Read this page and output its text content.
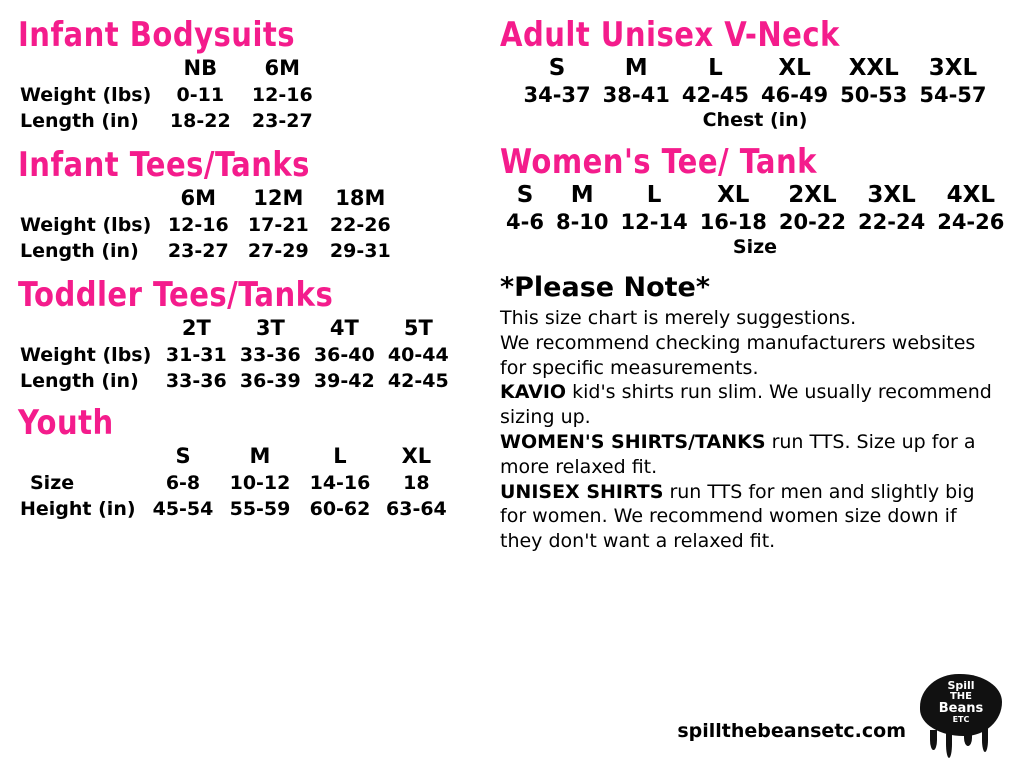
Infant Bodysuits
	NB	6M
Weight (lbs)	0-11	12-16
Length (in)	18-22	23-27
Infant Tees/Tanks
	6M	12M	18M
Weight (lbs)	12-16	17-21	22-26
Length (in)	23-27	27-29	29-31
Toddler Tees/Tanks
	2T	3T	4T	5T
Weight (lbs)	31-31	33-36	36-40	40-44
Length (in)	33-36	36-39	39-42	42-45
Youth
	S	M	L	XL
Size	6-8	10-12	14-16	18
Height (in)	45-54	55-59	60-62	63-64
Adult Unisex V-Neck
S	M	L	XL	XXL	3XL
34-37	38-41	42-45	46-49	50-53	54-57
Chest (in)
Women's Tee/ Tank
S	M	L	XL	2XL	3XL	4XL
4-6	8-10	12-14	16-18	20-22	22-24	24-26
Size
*Please Note*

This size chart is merely suggestions.

We recommend checking manufacturers websites

for specific measurements.

KAVIO kid's shirts run slim. We usually recommend

sizing up.

WOMEN'S SHIRTS/TANKS run TTS. Size up for a

more relaxed fit.

UNISEX SHIRTS run TTS for men and slightly big

for women. We recommend women size down if

they don't want a relaxed fit.

spillthebeansetc.com
Spill
THE
Beans
ETC
